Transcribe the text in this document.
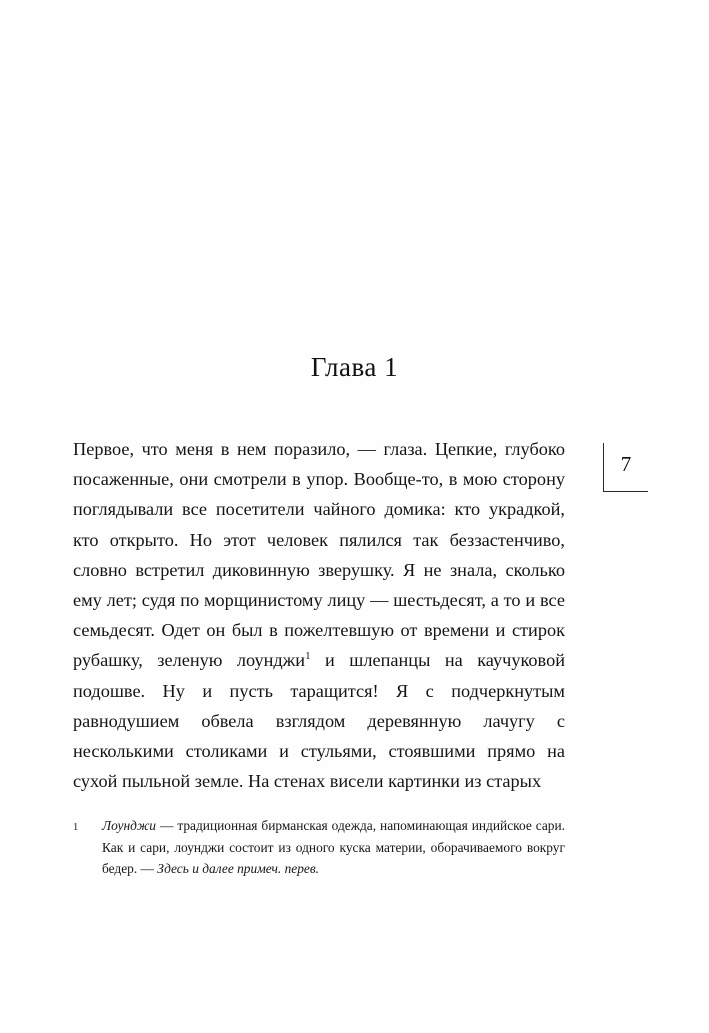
Глава 1
7

Первое, что меня в нем поразило, — глаза. Цепкие, глубоко посаженные, они смотрели в упор. Вообще-то, в мою сторону поглядывали все посетители чайного домика: кто украдкой, кто открыто. Но этот человек пялился так беззастенчиво, словно встретил диковинную зверушку. Я не знала, сколько ему лет; судя по морщинистому лицу — шестьдесят, а то и все семьдесят. Одет он был в пожелтевшую от времени и стирок рубашку, зеленую лоунджи$^1$ и шлепанцы на каучуковой подошве. Ну и пусть таращится! Я с подчеркнутым равнодушием обвела взглядом деревянную лачугу с несколькими столиками и стульями, стоявшими прямо на сухой пыльной земле. На стенах висели картинки из старых

1 Лоунджи — традиционная бирманская одежда, напоминающая индийское сари. Как и сари, лоунджи состоит из одного куска материи, оборачиваемого вокруг бедер. — Здесь и далее примеч. перев.
